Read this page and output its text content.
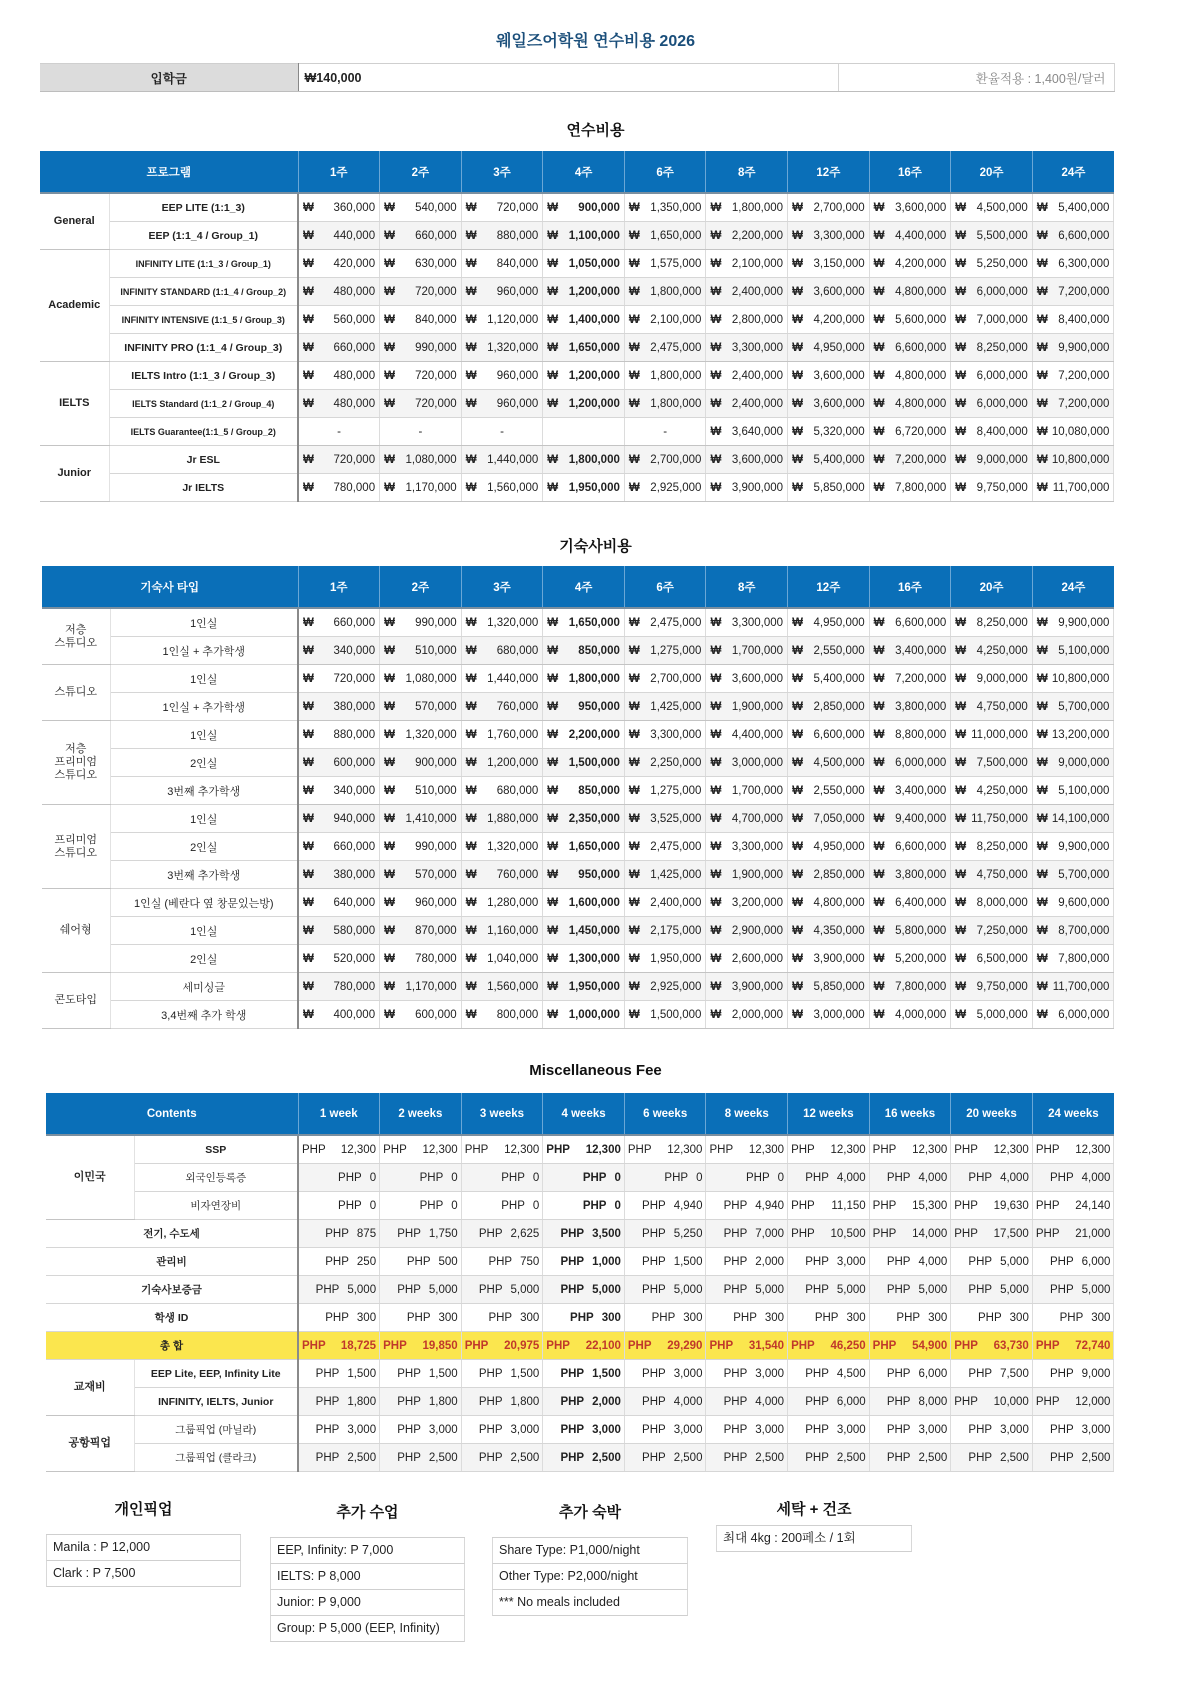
웨일즈어학원 연수비용 2026
입학금	₩140,000	환율적용 : 1,400원/달러
연수비용
프로그램		1주	2주	3주	4주	6주	8주	12주	16주	20주	24주
General	EEP LITE (1:1_3)	₩ 360,000	₩ 540,000	₩ 720,000	₩ 900,000	₩ 1,350,000	₩ 1,800,000	₩ 2,700,000	₩ 3,600,000	₩ 4,500,000	₩ 5,400,000

	EEP (1:1_4 / Group_1)	₩ 440,000	₩ 660,000	₩ 880,000	₩ 1,100,000	₩ 1,650,000	₩ 2,200,000	₩ 3,300,000	₩ 4,400,000	₩ 5,500,000	₩ 6,600,000

Academic	INFINITY LITE (1:1_3 / Group_1)	₩ 420,000	₩ 630,000	₩ 840,000	₩ 1,050,000	₩ 1,575,000	₩ 2,100,000	₩ 3,150,000	₩ 4,200,000	₩ 5,250,000	₩ 6,300,000

	INFINITY STANDARD (1:1_4 / Group_2)	₩ 480,000	₩ 720,000	₩ 960,000	₩ 1,200,000	₩ 1,800,000	₩ 2,400,000	₩ 3,600,000	₩ 4,800,000	₩ 6,000,000	₩ 7,200,000

	INFINITY INTENSIVE (1:1_5 / Group_3)	₩ 560,000	₩ 840,000	₩ 1,120,000	₩ 1,400,000	₩ 2,100,000	₩ 2,800,000	₩ 4,200,000	₩ 5,600,000	₩ 7,000,000	₩ 8,400,000

	INFINITY PRO (1:1_4 / Group_3)	₩ 660,000	₩ 990,000	₩ 1,320,000	₩ 1,650,000	₩ 2,475,000	₩ 3,300,000	₩ 4,950,000	₩ 6,600,000	₩ 8,250,000	₩ 9,900,000

IELTS	IELTS Intro (1:1_3 / Group_3)	₩ 480,000	₩ 720,000	₩ 960,000	₩ 1,200,000	₩ 1,800,000	₩ 2,400,000	₩ 3,600,000	₩ 4,800,000	₩ 6,000,000	₩ 7,200,000

	IELTS Standard (1:1_2 / Group_4)	₩ 480,000	₩ 720,000	₩ 960,000	₩ 1,200,000	₩ 1,800,000	₩ 2,400,000	₩ 3,600,000	₩ 4,800,000	₩ 6,000,000	₩ 7,200,000

	IELTS Guarantee(1:1_5 / Group_2)	-	-	-		-	₩ 3,640,000	₩ 5,320,000	₩ 6,720,000	₩ 8,400,000	₩ 10,080,000

Junior	Jr ESL	₩ 720,000	₩ 1,080,000	₩ 1,440,000	₩ 1,800,000	₩ 2,700,000	₩ 3,600,000	₩ 5,400,000	₩ 7,200,000	₩ 9,000,000	₩ 10,800,000

	Jr IELTS	₩ 780,000	₩ 1,170,000	₩ 1,560,000	₩ 1,950,000	₩ 2,925,000	₩ 3,900,000	₩ 5,850,000	₩ 7,800,000	₩ 9,750,000	₩ 11,700,000
기숙사비용
기숙사 타입		1주	2주	3주	4주	6주	8주	12주	16주	20주	24주
저층
스튜디오	1인실	₩ 660,000	₩ 990,000	₩ 1,320,000	₩ 1,650,000	₩ 2,475,000	₩ 3,300,000	₩ 4,950,000	₩ 6,600,000	₩ 8,250,000	₩ 9,900,000

	1인실 + 추가학생	₩ 340,000	₩ 510,000	₩ 680,000	₩ 850,000	₩ 1,275,000	₩ 1,700,000	₩ 2,550,000	₩ 3,400,000	₩ 4,250,000	₩ 5,100,000

스튜디오	1인실	₩ 720,000	₩ 1,080,000	₩ 1,440,000	₩ 1,800,000	₩ 2,700,000	₩ 3,600,000	₩ 5,400,000	₩ 7,200,000	₩ 9,000,000	₩ 10,800,000

	1인실 + 추가학생	₩ 380,000	₩ 570,000	₩ 760,000	₩ 950,000	₩ 1,425,000	₩ 1,900,000	₩ 2,850,000	₩ 3,800,000	₩ 4,750,000	₩ 5,700,000

저층
프리미엄
스튜디오	1인실	₩ 880,000	₩ 1,320,000	₩ 1,760,000	₩ 2,200,000	₩ 3,300,000	₩ 4,400,000	₩ 6,600,000	₩ 8,800,000	₩ 11,000,000	₩ 13,200,000

	2인실	₩ 600,000	₩ 900,000	₩ 1,200,000	₩ 1,500,000	₩ 2,250,000	₩ 3,000,000	₩ 4,500,000	₩ 6,000,000	₩ 7,500,000	₩ 9,000,000

	3번째 추가학생	₩ 340,000	₩ 510,000	₩ 680,000	₩ 850,000	₩ 1,275,000	₩ 1,700,000	₩ 2,550,000	₩ 3,400,000	₩ 4,250,000	₩ 5,100,000

프리미엄
스튜디오	1인실	₩ 940,000	₩ 1,410,000	₩ 1,880,000	₩ 2,350,000	₩ 3,525,000	₩ 4,700,000	₩ 7,050,000	₩ 9,400,000	₩ 11,750,000	₩ 14,100,000

	2인실	₩ 660,000	₩ 990,000	₩ 1,320,000	₩ 1,650,000	₩ 2,475,000	₩ 3,300,000	₩ 4,950,000	₩ 6,600,000	₩ 8,250,000	₩ 9,900,000

	3번째 추가학생	₩ 380,000	₩ 570,000	₩ 760,000	₩ 950,000	₩ 1,425,000	₩ 1,900,000	₩ 2,850,000	₩ 3,800,000	₩ 4,750,000	₩ 5,700,000

쉐어형	1인실 (베란다 옆 창문있는방)	₩ 640,000	₩ 960,000	₩ 1,280,000	₩ 1,600,000	₩ 2,400,000	₩ 3,200,000	₩ 4,800,000	₩ 6,400,000	₩ 8,000,000	₩ 9,600,000

	1인실	₩ 580,000	₩ 870,000	₩ 1,160,000	₩ 1,450,000	₩ 2,175,000	₩ 2,900,000	₩ 4,350,000	₩ 5,800,000	₩ 7,250,000	₩ 8,700,000

	2인실	₩ 520,000	₩ 780,000	₩ 1,040,000	₩ 1,300,000	₩ 1,950,000	₩ 2,600,000	₩ 3,900,000	₩ 5,200,000	₩ 6,500,000	₩ 7,800,000

콘도타입	세미싱글	₩ 780,000	₩ 1,170,000	₩ 1,560,000	₩ 1,950,000	₩ 2,925,000	₩ 3,900,000	₩ 5,850,000	₩ 7,800,000	₩ 9,750,000	₩ 11,700,000

	3,4번째 추가 학생	₩ 400,000	₩ 600,000	₩ 800,000	₩ 1,000,000	₩ 1,500,000	₩ 2,000,000	₩ 3,000,000	₩ 4,000,000	₩ 5,000,000	₩ 6,000,000
Miscellaneous Fee
Contents		1 week	2 weeks	3 weeks	4 weeks	6 weeks	8 weeks	12 weeks	16 weeks	20 weeks	24 weeks
이민국	SSP	PHP 12,300	PHP 12,300	PHP 12,300	PHP 12,300	PHP 12,300	PHP 12,300	PHP 12,300	PHP 12,300	PHP 12,300	PHP 12,300

	외국인등록증	PHP 0	PHP 0	PHP 0	PHP 0	PHP 0	PHP 0	PHP 4,000	PHP 4,000	PHP 4,000	PHP 4,000
	비자연장비	PHP 0	PHP 0	PHP 0	PHP 0	PHP 4,940	PHP 4,940	PHP 11,150	PHP 15,300	PHP 19,630	PHP 24,140

전기, 수도세		PHP 875	PHP 1,750	PHP 2,625	PHP 3,500	PHP 5,250	PHP 7,000	PHP 10,500	PHP 14,000	PHP 17,500	PHP 21,000

관리비		PHP 250	PHP 500	PHP 750	PHP 1,000	PHP 1,500	PHP 2,000	PHP 3,000	PHP 4,000	PHP 5,000	PHP 6,000
기숙사보증금		PHP 5,000	PHP 5,000	PHP 5,000	PHP 5,000	PHP 5,000	PHP 5,000	PHP 5,000	PHP 5,000	PHP 5,000	PHP 5,000
학생 ID		PHP 300	PHP 300	PHP 300	PHP 300	PHP 300	PHP 300	PHP 300	PHP 300	PHP 300	PHP 300
총 합		PHP 18,725	PHP 19,850	PHP 20,975	PHP 22,100	PHP 29,290	PHP 31,540	PHP 46,250	PHP 54,900	PHP 63,730	PHP 72,740

교재비	EEP Lite, EEP, Infinity Lite	PHP 1,500	PHP 1,500	PHP 1,500	PHP 1,500	PHP 3,000	PHP 3,000	PHP 4,500	PHP 6,000	PHP 7,500	PHP 9,000
	INFINITY, IELTS, Junior	PHP 1,800	PHP 1,800	PHP 1,800	PHP 2,000	PHP 4,000	PHP 4,000	PHP 6,000	PHP 8,000	PHP 10,000	PHP 12,000

공항픽업	그룹픽업 (마닐라)	PHP 3,000	PHP 3,000	PHP 3,000	PHP 3,000	PHP 3,000	PHP 3,000	PHP 3,000	PHP 3,000	PHP 3,000	PHP 3,000
	그룹픽업 (클라크)	PHP 2,500	PHP 2,500	PHP 2,500	PHP 2,500	PHP 2,500	PHP 2,500	PHP 2,500	PHP 2,500	PHP 2,500	PHP 2,500
개인픽업
Manila : P 12,000
Clark : P 7,500
추가 수업
EEP, Infinity: P 7,000
IELTS: P 8,000
Junior: P 9,000
Group: P 5,000 (EEP, Infinity)
추가 숙박
Share Type: P1,000/night
Other Type: P2,000/night
*** No meals included
세탁 + 건조
최대 4kg : 200페소 / 1회
